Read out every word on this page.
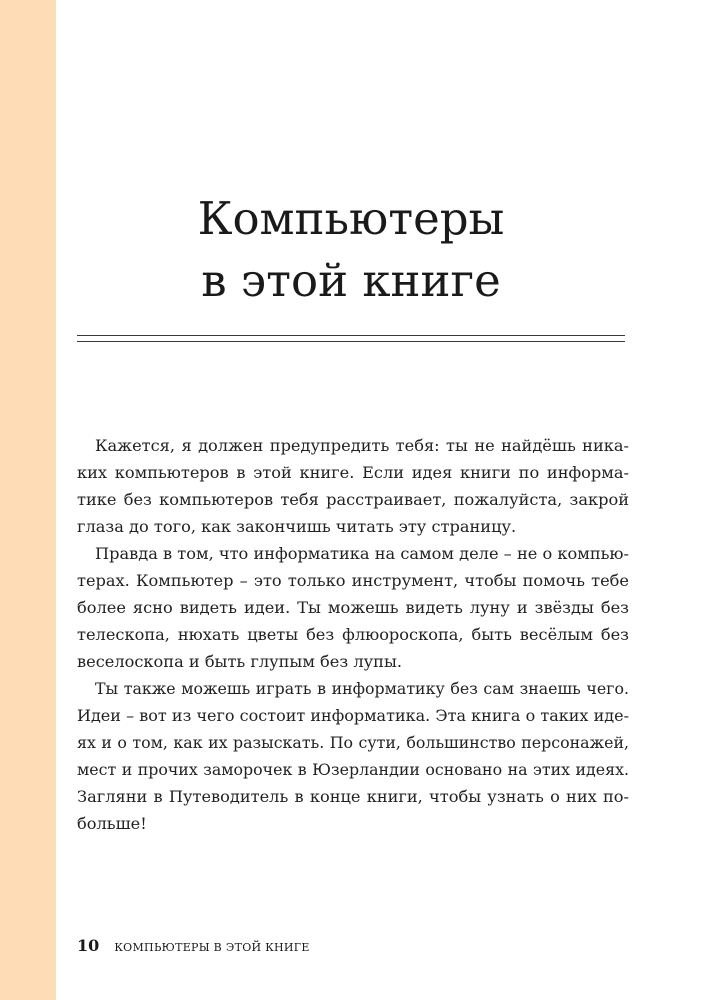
Компьютеры
в этой книге
Кажется, я должен предупредить тебя: ты не найдёшь ника-
ких компьютеров в этой книге. Если идея книги по информа-
тике без компьютеров тебя расстраивает, пожалуйста, закрой
глаза до того, как закончишь читать эту страницу.
Правда в том, что информатика на самом деле – не о компью-
терах. Компьютер – это только инструмент, чтобы помочь тебе
более ясно видеть идеи. Ты можешь видеть луну и звёзды без
телескопа, нюхать цветы без флюороскопа, быть весёлым без
веселоскопа и быть глупым без лупы.
Ты также можешь играть в информатику без сам знаешь чего.
Идеи – вот из чего состоит информатика. Эта книга о таких иде-
ях и о том, как их разыскать. По сути, большинство персонажей,
мест и прочих заморочек в Юзерландии основано на этих идеях.
Загляни в Путеводитель в конце книги, чтобы узнать о них по-
больше!
10 КОМПЬЮТЕРЫ В ЭТОЙ КНИГЕ
